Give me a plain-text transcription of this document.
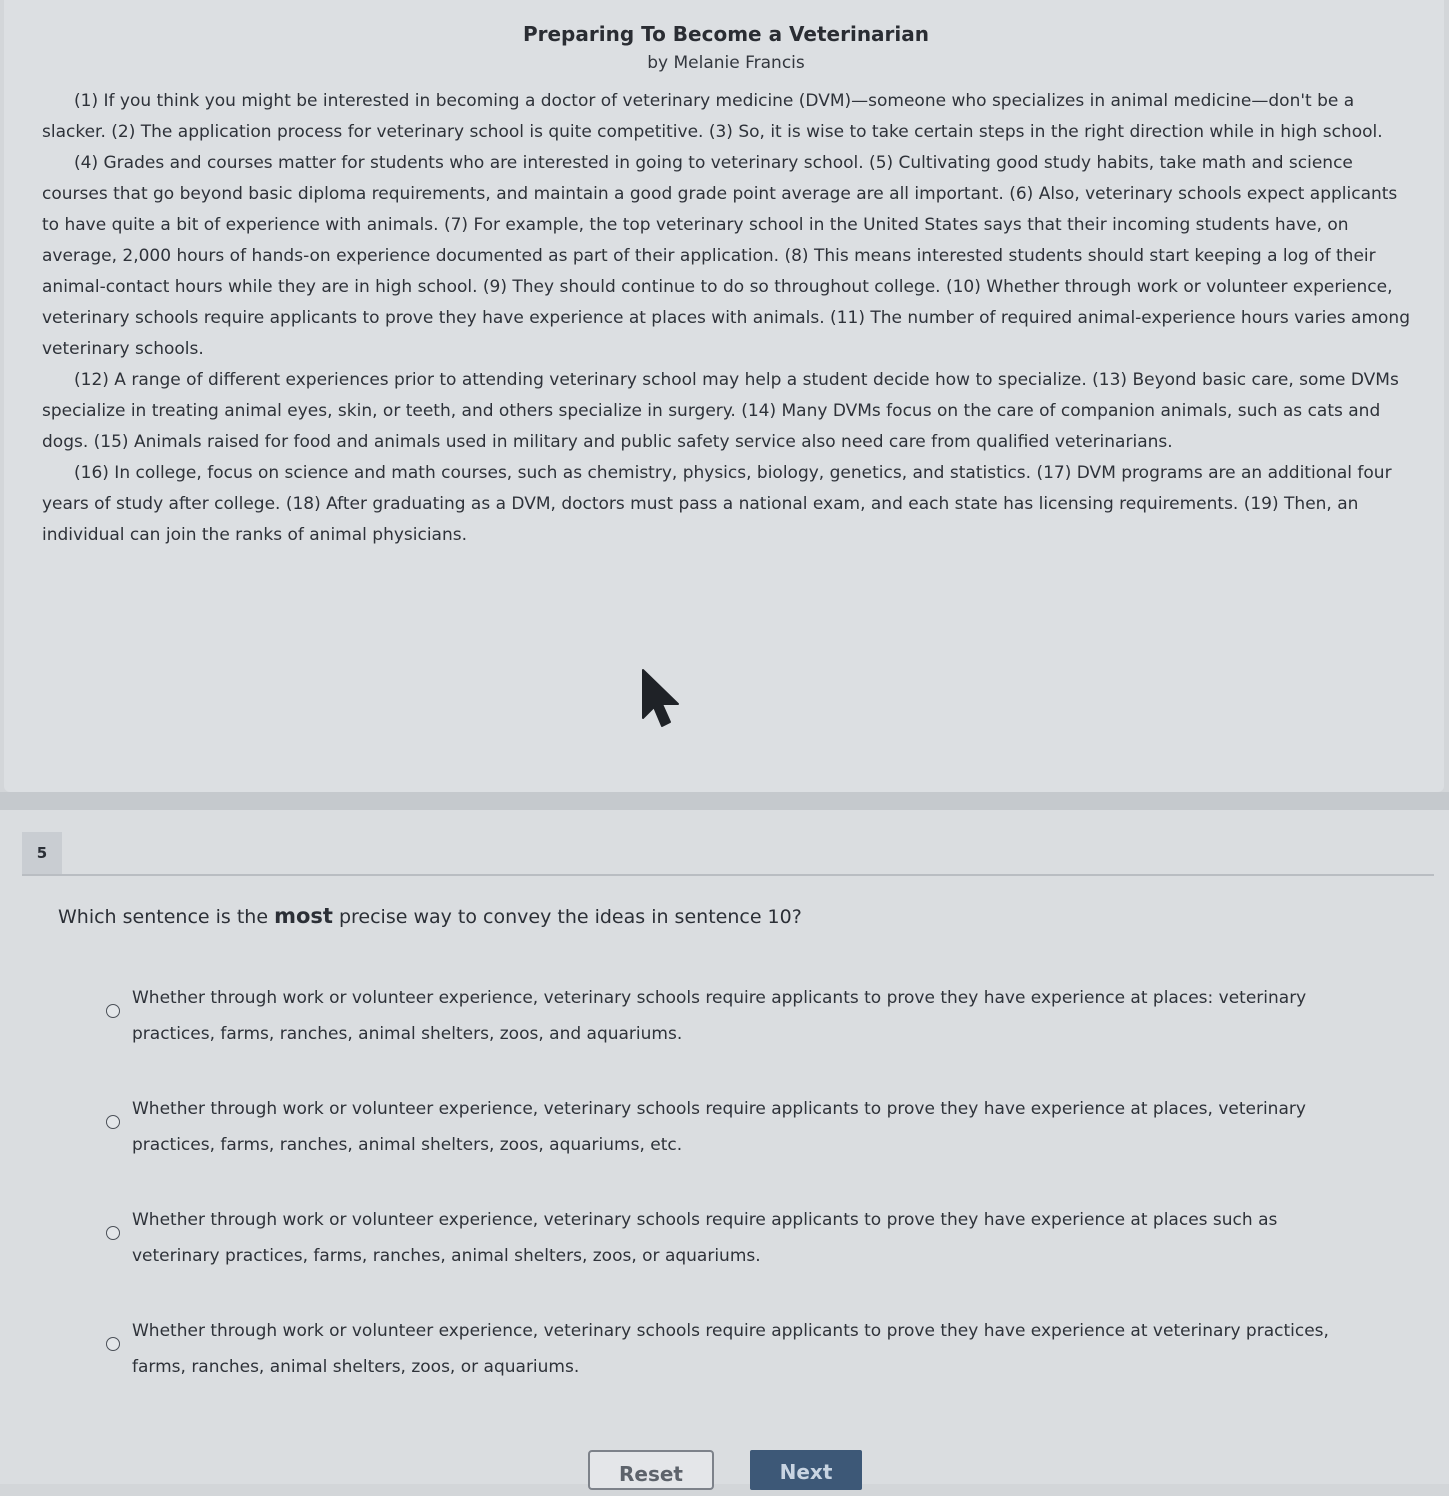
Preparing To Become a Veterinarian
by Melanie Francis

(1) If you think you might be interested in becoming a doctor of veterinary medicine (DVM)—someone who specializes in animal medicine—don't be a slacker. (2) The application process for veterinary school is quite competitive. (3) So, it is wise to take certain steps in the right direction while in high school.

(4) Grades and courses matter for students who are interested in going to veterinary school. (5) Cultivating good study habits, take math and science courses that go beyond basic diploma requirements, and maintain a good grade point average are all important. (6) Also, veterinary schools expect applicants to have quite a bit of experience with animals. (7) For example, the top veterinary school in the United States says that their incoming students have, on average, 2,000 hours of hands-on experience documented as part of their application. (8) This means interested students should start keeping a log of their animal-contact hours while they are in high school. (9) They should continue to do so throughout college. (10) Whether through work or volunteer experience, veterinary schools require applicants to prove they have experience at places with animals. (11) The number of required animal-experience hours varies among veterinary schools.

(12) A range of different experiences prior to attending veterinary school may help a student decide how to specialize. (13) Beyond basic care, some DVMs specialize in treating animal eyes, skin, or teeth, and others specialize in surgery. (14) Many DVMs focus on the care of companion animals, such as cats and dogs. (15) Animals raised for food and animals used in military and public safety service also need care from qualified veterinarians.

(16) In college, focus on science and math courses, such as chemistry, physics, biology, genetics, and statistics. (17) DVM programs are an additional four years of study after college. (18) After graduating as a DVM, doctors must pass a national exam, and each state has licensing requirements. (19) Then, an individual can join the ranks of animal physicians.

5
Which sentence is the most precise way to convey the ideas in sentence 10?
Whether through work or volunteer experience, veterinary schools require applicants to prove they have experience at places: veterinary practices, farms, ranches, animal shelters, zoos, and aquariums.
Whether through work or volunteer experience, veterinary schools require applicants to prove they have experience at places, veterinary practices, farms, ranches, animal shelters, zoos, aquariums, etc.
Whether through work or volunteer experience, veterinary schools require applicants to prove they have experience at places such as veterinary practices, farms, ranches, animal shelters, zoos, or aquariums.
Whether through work or volunteer experience, veterinary schools require applicants to prove they have experience at veterinary practices, farms, ranches, animal shelters, zoos, or aquariums.
Reset	Next
